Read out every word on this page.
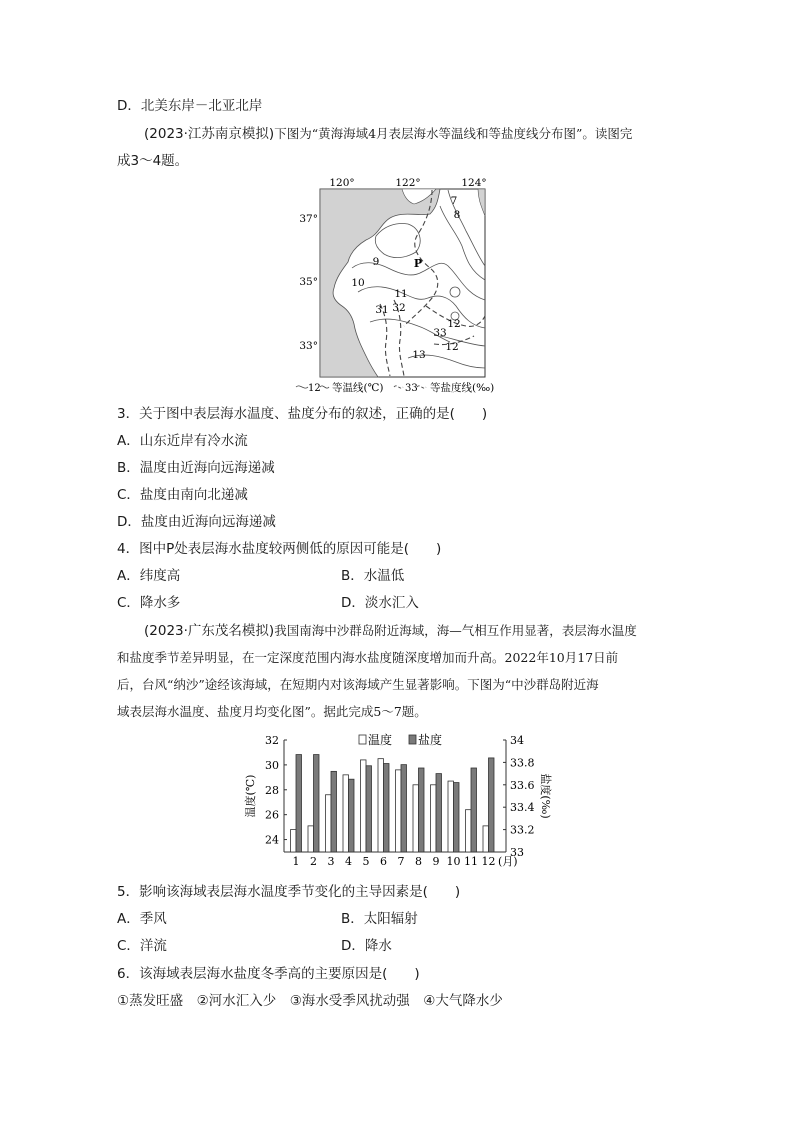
D．北美东岸－北亚北岸
(2023·江苏南京模拟)下图为“黄海海域4月表层海水等温线和等盐度线分布图”。读图完
成3～4题。
120°	122°	124°
37°
35°
33°
7
8
9
10
11
12
12
13
31 32
33
P
12 等温线(℃) 33 等盐度线(‰)
3．关于图中表层海水温度、盐度分布的叙述，正确的是(　　)
A．山东近岸有冷水流
B．温度由近海向远海递减
C．盐度由南向北递减
D．盐度由近海向远海递减
4．图中P处表层海水盐度较两侧低的原因可能是(　　)
A．纬度高	B．水温低
C．降水多	D．淡水汇入
(2023·广东茂名模拟)我国南海中沙群岛附近海域，海—气相互作用显著，表层海水温度
和盐度季节差异明显，在一定深度范围内海水盐度随深度增加而升高。2022年10月17日前
后，台风“纳沙”途经该海域，在短期内对该海域产生显著影响。下图为“中沙群岛附近海
域表层海水温度、盐度月均变化图”。据此完成5～7题。
24
26
28
30
32
33
33.2
33.4
33.6
33.8
34
温度(℃)	盐度(‰)
1 2 3 4 5 6 7 8 9 10 11 12 (月)
温度 盐度
5．影响该海域表层海水温度季节变化的主导因素是(　　)
A．季风	B．太阳辐射
C．洋流	D．降水
6．该海域表层海水盐度冬季高的主要原因是(　　)
①蒸发旺盛　②河水汇入少　③海水受季风扰动强　④大气降水少
